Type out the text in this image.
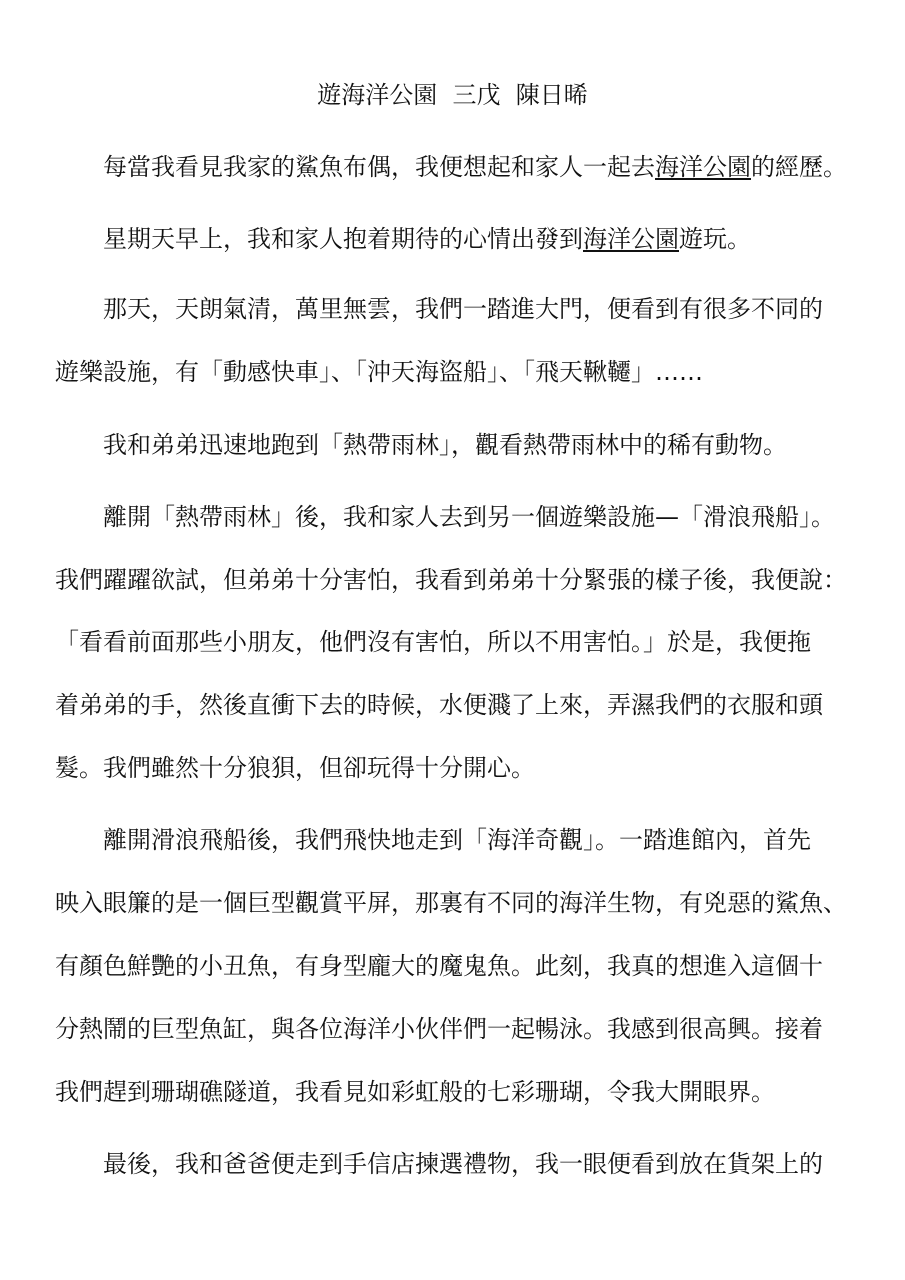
遊海洋公園  三戊  陳日晞
每當我看見我家的鯊魚布偶，我便想起和家人一起去海洋公園的經歷。
星期天早上，我和家人抱着期待的心情出發到海洋公園遊玩。
那天，天朗氣清，萬里無雲，我們一踏進大門，便看到有很多不同的
遊樂設施，有「動感快車」、「沖天海盜船」、「飛天鞦韆」……
我和弟弟迅速地跑到「熱帶雨林」，觀看熱帶雨林中的稀有動物。
離開「熱帶雨林」後，我和家人去到另一個遊樂設施—「滑浪飛船」。
我們躍躍欲試，但弟弟十分害怕，我看到弟弟十分緊張的樣子後，我便說：
「看看前面那些小朋友，他們沒有害怕，所以不用害怕。」於是，我便拖
着弟弟的手，然後直衝下去的時候，水便濺了上來，弄濕我們的衣服和頭
髮。我們雖然十分狼狽，但卻玩得十分開心。
離開滑浪飛船後，我們飛快地走到「海洋奇觀」。一踏進館內，首先
映入眼簾的是一個巨型觀賞平屏，那裏有不同的海洋生物，有兇惡的鯊魚、
有顏色鮮艷的小丑魚，有身型龐大的魔鬼魚。此刻，我真的想進入這個十
分熱鬧的巨型魚缸，與各位海洋小伙伴們一起暢泳。我感到很高興。接着
我們趕到珊瑚礁隧道，我看見如彩虹般的七彩珊瑚，令我大開眼界。
最後，我和爸爸便走到手信店揀選禮物，我一眼便看到放在貨架上的
